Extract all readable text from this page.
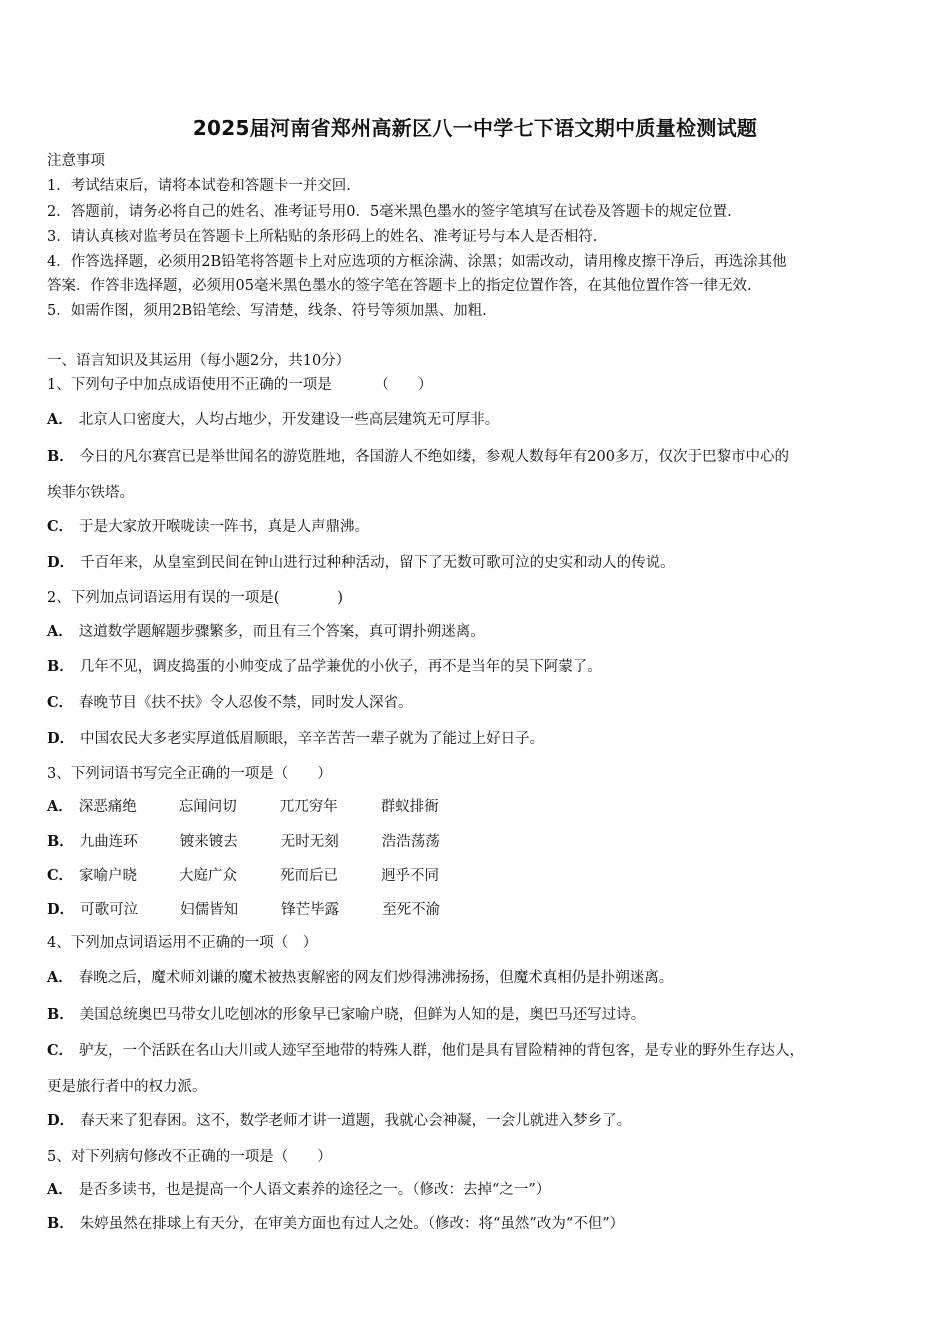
2025届河南省郑州高新区八一中学七下语文期中质量检测试题
注意事项
1．考试结束后，请将本试卷和答题卡一并交回.
2．答题前，请务必将自己的姓名、准考证号用0．5毫米黑色墨水的签字笔填写在试卷及答题卡的规定位置.
3．请认真核对监考员在答题卡上所粘贴的条形码上的姓名、准考证号与本人是否相符.
4．作答选择题，必须用2B铅笔将答题卡上对应选项的方框涂满、涂黑；如需改动，请用橡皮擦干净后，再选涂其他
答案．作答非选择题，必须用05毫米黑色墨水的签字笔在答题卡上的指定位置作答，在其他位置作答一律无效.
5．如需作图，须用2B铅笔绘、写清楚，线条、符号等须加黑、加粗.
一、语言知识及其运用（每小题2分，共10分）
1、下列句子中加点成语使用不正确的一项是	（　　）
A． 北京人口密度大，人均占地少，开发建设一些高层建筑无可厚非。
B． 今日的凡尔赛宫已是举世闻名的游览胜地，各国游人不绝如缕，参观人数每年有200多万，仅次于巴黎市中心的
埃菲尔铁塔。
C． 于是大家放开喉咙读一阵书，真是人声鼎沸。
D． 千百年来，从皇室到民间在钟山进行过种种活动，留下了无数可歌可泣的史实和动人的传说。
2、下列加点词语运用有误的一项是(　　　　)
A． 这道数学题解题步骤繁多，而且有三个答案，真可谓扑朔迷离。
B． 几年不见，调皮捣蛋的小帅变成了品学兼优的小伙子，再不是当年的吴下阿蒙了。
C． 春晚节目《扶不扶》令人忍俊不禁，同时发人深省。
D． 中国农民大多老实厚道低眉顺眼，辛辛苦苦一辈子就为了能过上好日子。
3、下列词语书写完全正确的一项是（　　）
A． 深恶痛绝	忘闻问切	兀兀穷年	群蚁排衙
B． 九曲连环	镀来镀去	无时无刻	浩浩荡荡
C． 家喻户晓	大庭广众	死而后已	迥乎不同
D． 可歌可泣	妇儒皆知	锋芒毕露	至死不渝
4、下列加点词语运用不正确的一项（　）
A． 春晚之后，魔术师刘谦的魔术被热衷解密的网友们炒得沸沸扬扬，但魔术真相仍是扑朔迷离。
B． 美国总统奥巴马带女儿吃刨冰的形象早已家喻户晓，但鲜为人知的是，奥巴马还写过诗。
C． 驴友，一个活跃在名山大川或人迹罕至地带的特殊人群，他们是具有冒险精神的背包客，是专业的野外生存达人，
更是旅行者中的权力派。
D． 春天来了犯春困。这不，数学老师才讲一道题，我就心会神凝，一会儿就进入梦乡了。
5、对下列病句修改不正确的一项是（　　）
A． 是否多读书，也是提高一个人语文素养的途径之一。（修改：去掉“之一”）
B． 朱婷虽然在排球上有天分，在审美方面也有过人之处。（修改：将“虽然”改为“不但”）
